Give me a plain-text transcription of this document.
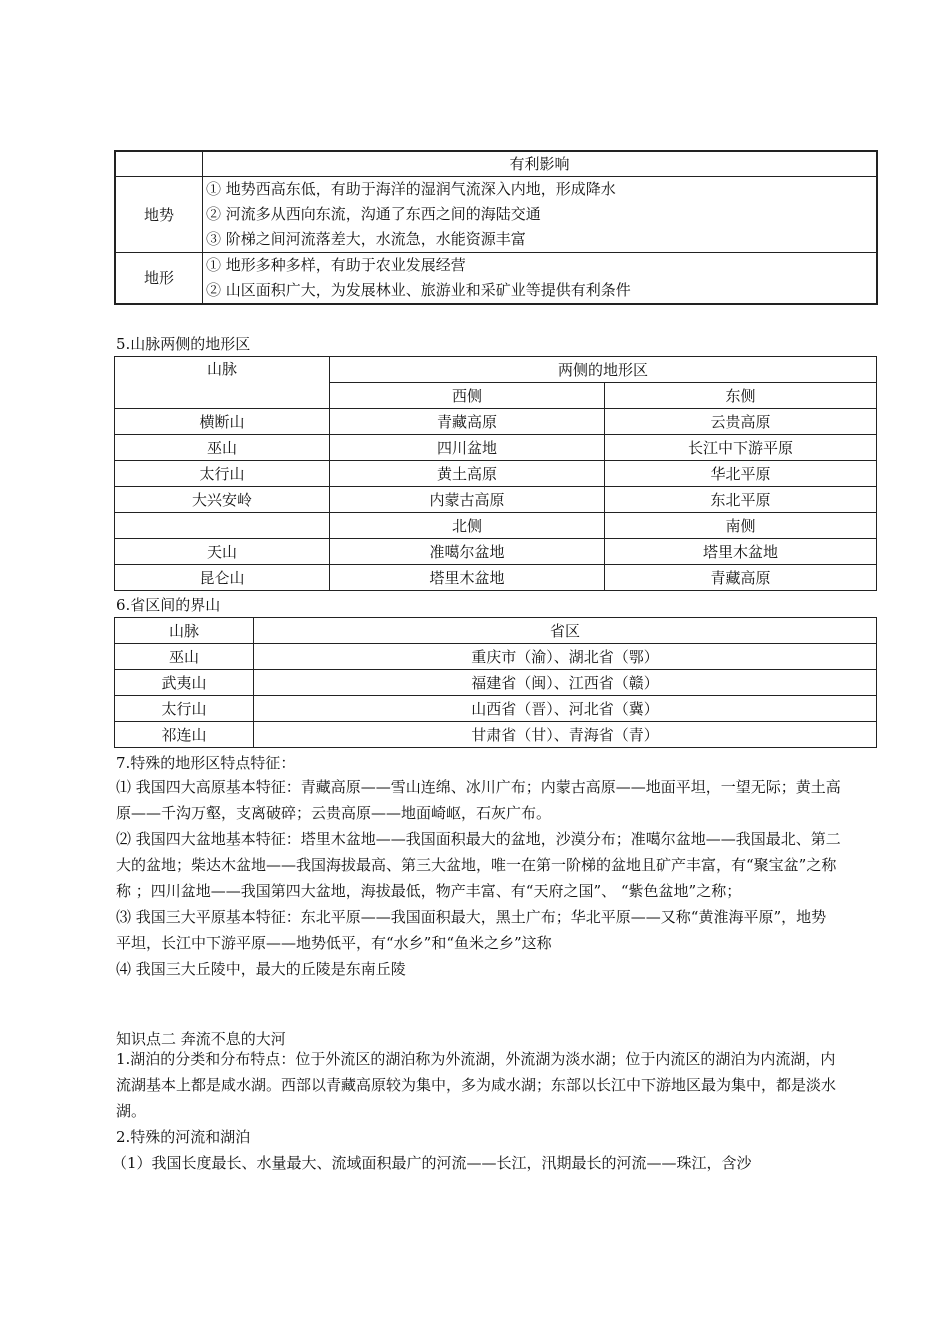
	有利影响
地势	① 地势西高东低，有助于海洋的湿润气流深入内地，形成降水
② 河流多从西向东流，沟通了东西之间的海陆交通
③ 阶梯之间河流落差大，水流急，水能资源丰富

地形	① 地形多种多样，有助于农业发展经营
② 山区面积广大，为发展林业、旅游业和采矿业等提供有利条件
5.山脉两侧的地形区
山脉	两侧的地形区	
	西侧	东侧
横断山	青藏高原	云贵高原
巫山	四川盆地	长江中下游平原
太行山	黄土高原	华北平原
大兴安岭	内蒙古高原	东北平原
	北侧	南侧
天山	准噶尔盆地	塔里木盆地
昆仑山	塔里木盆地	青藏高原
6.省区间的界山
山脉	省区
巫山	重庆市（渝）、湖北省（鄂）
武夷山	福建省（闽）、江西省（赣）
太行山	山西省（晋）、河北省（冀）
祁连山	甘肃省（甘）、青海省（青）
7.特殊的地形区特点特征：
⑴ 我国四大高原基本特征：青藏高原——雪山连绵、冰川广布；内蒙古高原——地面平坦，一望无际；黄土高原——千沟万壑，支离破碎；云贵高原——地面崎岖，石灰广布。
⑵ 我国四大盆地基本特征：塔里木盆地——我国面积最大的盆地，沙漠分布；准噶尔盆地——我国最北、第二大的盆地；柴达木盆地——我国海拔最高、第三大盆地，唯一在第一阶梯的盆地且矿产丰富，有“聚宝盆”之称称 ；四川盆地——我国第四大盆地，海拔最低，物产丰富、有“天府之国”、 “紫色盆地”之称；
⑶ 我国三大平原基本特征：东北平原——我国面积最大，黑土广布；华北平原——又称“黄淮海平原”，地势平坦，长江中下游平原——地势低平，有“水乡”和“鱼米之乡”这称
⑷ 我国三大丘陵中，最大的丘陵是东南丘陵
知识点二 奔流不息的大河
1.湖泊的分类和分布特点：位于外流区的湖泊称为外流湖，外流湖为淡水湖；位于内流区的湖泊为内流湖，内流湖基本上都是咸水湖。西部以青藏高原较为集中，多为咸水湖；东部以长江中下游地区最为集中，都是淡水湖。
2.特殊的河流和湖泊
（1）我国长度最长、水量最大、流域面积最广的河流——长江，汛期最长的河流——珠江，含沙
